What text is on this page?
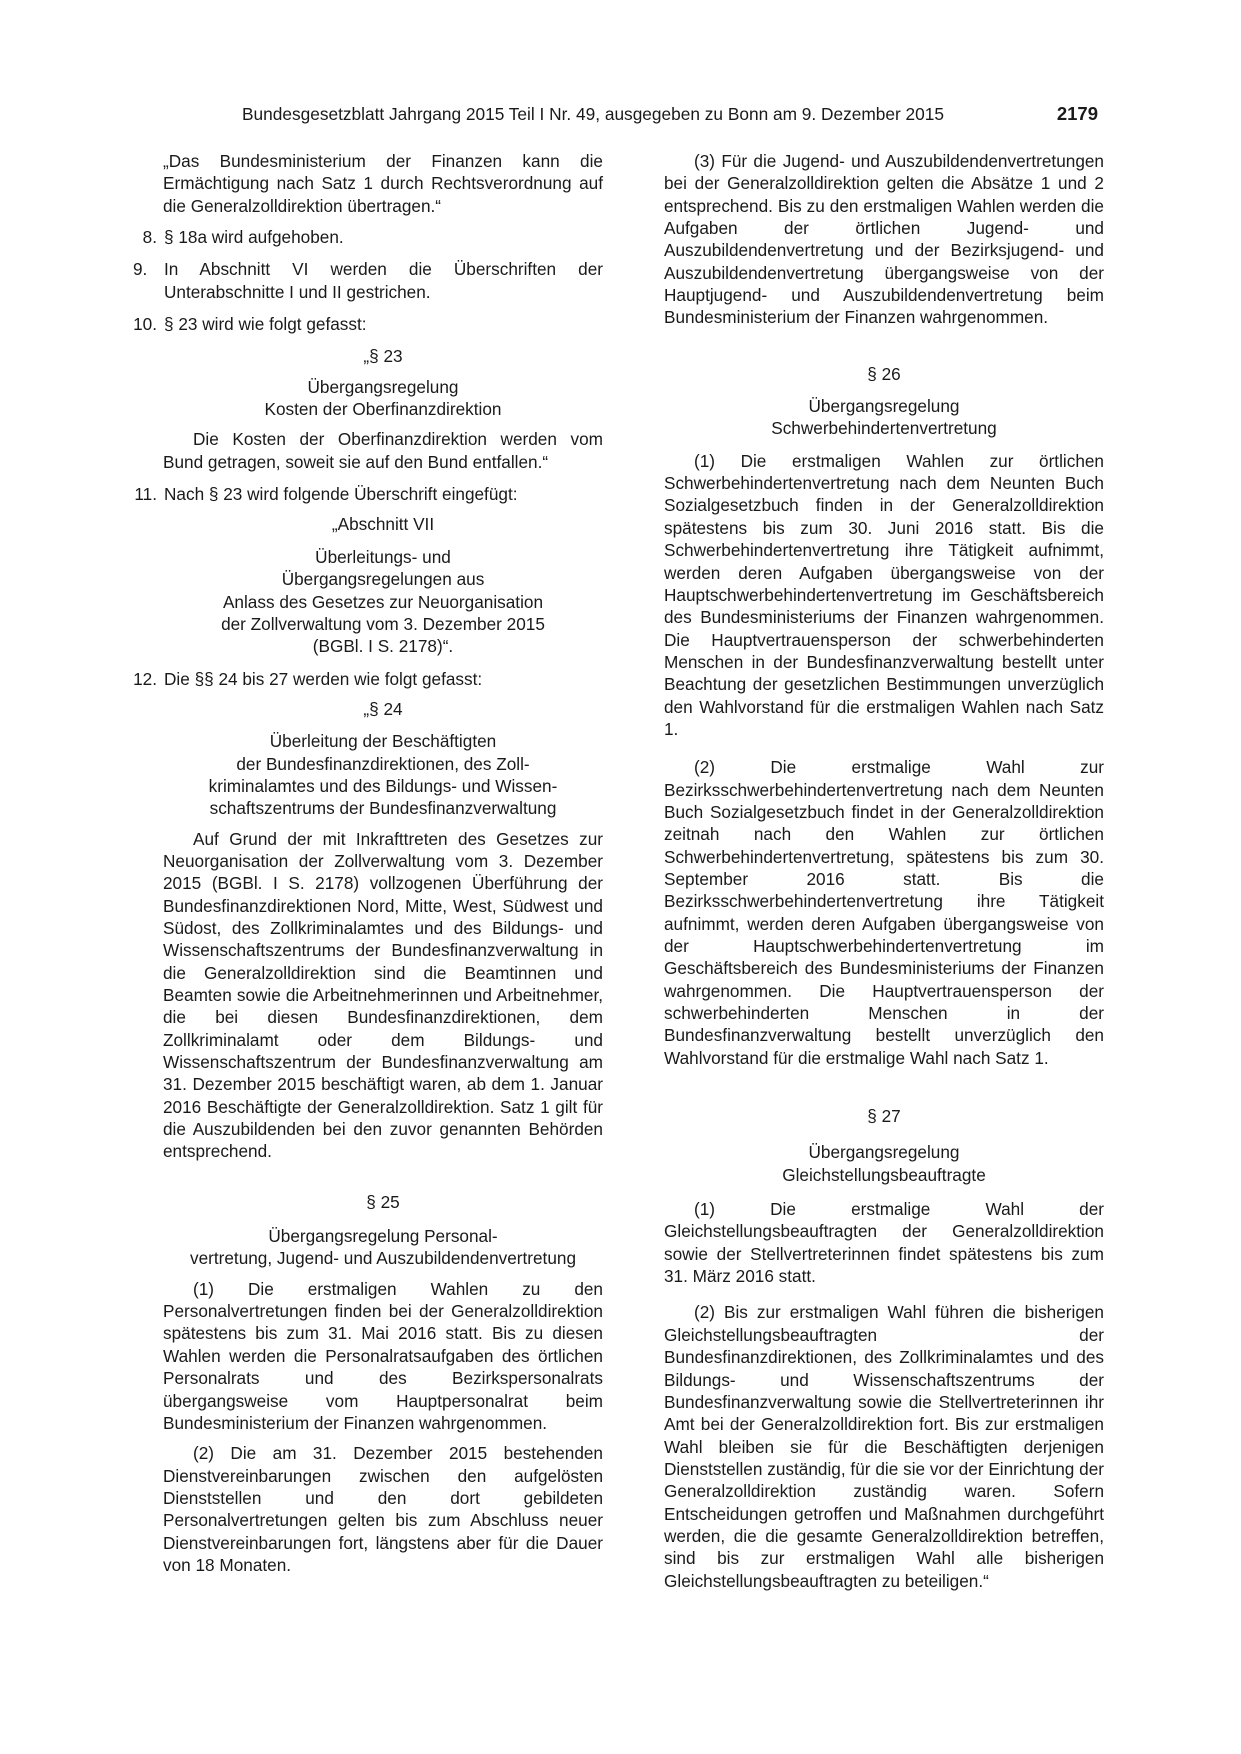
Bundesgesetzblatt Jahrgang 2015 Teil I Nr. 49, ausgegeben zu Bonn am 9. Dezember 2015	2179

„Das Bundesministerium der Finanzen kann die Ermächtigung nach Satz 1 durch Rechtsverordnung auf die Generalzolldirektion übertragen.“

8. § 18a wird aufgehoben.

9. In Abschnitt VI werden die Überschriften der Unterabschnitte I und II gestrichen.

10. § 23 wird wie folgt gefasst:

„§ 23

Übergangsregelung

Kosten der Oberfinanzdirektion

Die Kosten der Oberfinanzdirektion werden vom Bund getragen, soweit sie auf den Bund entfallen.“

11. Nach § 23 wird folgende Überschrift eingefügt:

„Abschnitt VII

Überleitungs- und

Übergangsregelungen aus

Anlass des Gesetzes zur Neuorganisation

der Zollverwaltung vom 3. Dezember 2015

(BGBl. I S. 2178)“.

12. Die §§ 24 bis 27 werden wie folgt gefasst:

„§ 24

Überleitung der Beschäftigten

der Bundesfinanzdirektionen, des Zoll-

kriminalamtes und des Bildungs- und Wissen-

schaftszentrums der Bundesfinanzverwaltung

Auf Grund der mit Inkrafttreten des Gesetzes zur Neuorganisation der Zollverwaltung vom 3. Dezember 2015 (BGBl. I S. 2178) vollzogenen Überführung der Bundesfinanzdirektionen Nord, Mitte, West, Südwest und Südost, des Zollkriminalamtes und des Bildungs- und Wissenschaftszentrums der Bundesfinanzverwaltung in die Generalzolldirektion sind die Beamtinnen und Beamten sowie die Arbeitnehmerinnen und Arbeitnehmer, die bei diesen Bundesfinanzdirektionen, dem Zollkriminalamt oder dem Bildungs- und Wissenschaftszentrum der Bundesfinanzverwaltung am 31. Dezember 2015 beschäftigt waren, ab dem 1. Januar 2016 Beschäftigte der Generalzolldirektion. Satz 1 gilt für die Auszubildenden bei den zuvor genannten Behörden entsprechend.

§ 25

Übergangsregelung Personal-

vertretung, Jugend- und Auszubildendenvertretung

(1) Die erstmaligen Wahlen zu den Personalvertretungen finden bei der Generalzolldirektion spätestens bis zum 31. Mai 2016 statt. Bis zu diesen Wahlen werden die Personalratsaufgaben des örtlichen Personalrats und des Bezirkspersonalrats übergangsweise vom Hauptpersonalrat beim Bundesministerium der Finanzen wahrgenommen.

(2) Die am 31. Dezember 2015 bestehenden Dienstvereinbarungen zwischen den aufgelösten Dienststellen und den dort gebildeten Personalvertretungen gelten bis zum Abschluss neuer Dienstvereinbarungen fort, längstens aber für die Dauer von 18 Monaten.

(3) Für die Jugend- und Auszubildendenvertretungen bei der Generalzolldirektion gelten die Absätze 1 und 2 entsprechend. Bis zu den erstmaligen Wahlen werden die Aufgaben der örtlichen Jugend- und Auszubildendenvertretung und der Bezirksjugend- und Auszubildendenvertretung übergangsweise von der Hauptjugend- und Auszubildendenvertretung beim Bundesministerium der Finanzen wahrgenommen.

§ 26

Übergangsregelung

Schwerbehindertenvertretung

(1) Die erstmaligen Wahlen zur örtlichen Schwerbehindertenvertretung nach dem Neunten Buch Sozialgesetzbuch finden in der Generalzolldirektion spätestens bis zum 30. Juni 2016 statt. Bis die Schwerbehindertenvertretung ihre Tätigkeit aufnimmt, werden deren Aufgaben übergangsweise von der Hauptschwerbehindertenvertretung im Geschäftsbereich des Bundesministeriums der Finanzen wahrgenommen. Die Hauptvertrauensperson der schwerbehinderten Menschen in der Bundesfinanzverwaltung bestellt unter Beachtung der gesetzlichen Bestimmungen unverzüglich den Wahlvorstand für die erstmaligen Wahlen nach Satz 1.

(2) Die erstmalige Wahl zur Bezirksschwerbehindertenvertretung nach dem Neunten Buch Sozialgesetzbuch findet in der Generalzolldirektion zeitnah nach den Wahlen zur örtlichen Schwerbehindertenvertretung, spätestens bis zum 30. September 2016 statt. Bis die Bezirksschwerbehindertenvertretung ihre Tätigkeit aufnimmt, werden deren Aufgaben übergangsweise von der Hauptschwerbehindertenvertretung im Geschäftsbereich des Bundesministeriums der Finanzen wahrgenommen. Die Hauptvertrauensperson der schwerbehinderten Menschen in der Bundesfinanzverwaltung bestellt unverzüglich den Wahlvorstand für die erstmalige Wahl nach Satz 1.

§ 27

Übergangsregelung

Gleichstellungsbeauftragte

(1) Die erstmalige Wahl der Gleichstellungsbeauftragten der Generalzolldirektion sowie der Stellvertreterinnen findet spätestens bis zum 31. März 2016 statt.

(2) Bis zur erstmaligen Wahl führen die bisherigen Gleichstellungsbeauftragten der Bundesfinanzdirektionen, des Zollkriminalamtes und des Bildungs- und Wissenschaftszentrums der Bundesfinanzverwaltung sowie die Stellvertreterinnen ihr Amt bei der Generalzolldirektion fort. Bis zur erstmaligen Wahl bleiben sie für die Beschäftigten derjenigen Dienststellen zuständig, für die sie vor der Einrichtung der Generalzolldirektion zuständig waren. Sofern Entscheidungen getroffen und Maßnahmen durchgeführt werden, die die gesamte Generalzolldirektion betreffen, sind bis zur erstmaligen Wahl alle bisherigen Gleichstellungsbeauftragten zu beteiligen.“
